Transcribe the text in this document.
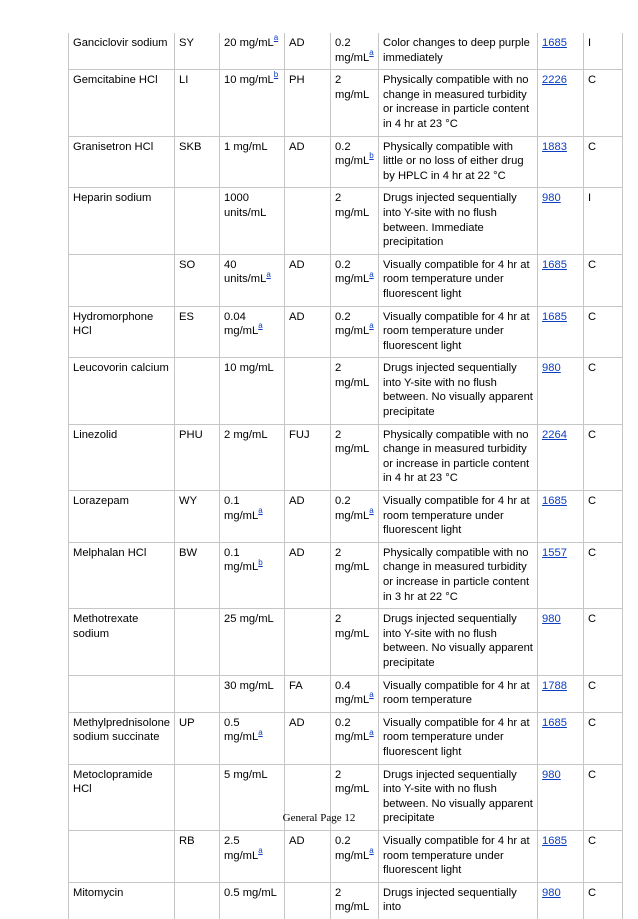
Ganciclovir sodium	SY	20 mg/mL$^a$	AD	0.2 mg/mL$^a$	Color changes to deep purple immediately	1685	I
Gemcitabine HCl	LI	10 mg/mL$^b$	PH	2 mg/mL	Physically compatible with no change in measured turbidity or increase in particle content in 4 hr at 23 °C	2226	C
Granisetron HCl	SKB	1 mg/mL	AD	0.2 mg/mL$^b$	Physically compatible with little or no loss of either drug by HPLC in 4 hr at 22 °C	1883	C
Heparin sodium		1000 units/mL		2 mg/mL	Drugs injected sequentially into Y-site with no flush between. Immediate precipitation	980	I
	SO	40 units/mL$^a$	AD	0.2 mg/mL$^a$	Visually compatible for 4 hr at room temperature under fluorescent light	1685	C
Hydromorphone HCl	ES	0.04 mg/mL$^a$	AD	0.2 mg/mL$^a$	Visually compatible for 4 hr at room temperature under fluorescent light	1685	C
Leucovorin calcium		10 mg/mL		2 mg/mL	Drugs injected sequentially into Y-site with no flush between. No visually apparent precipitate	980	C
Linezolid	PHU	2 mg/mL	FUJ	2 mg/mL	Physically compatible with no change in measured turbidity or increase in particle content in 4 hr at 23 °C	2264	C
Lorazepam	WY	0.1 mg/mL$^a$	AD	0.2 mg/mL$^a$	Visually compatible for 4 hr at room temperature under fluorescent light	1685	C
Melphalan HCl	BW	0.1 mg/mL$^b$	AD	2 mg/mL	Physically compatible with no change in measured turbidity or increase in particle content in 3 hr at 22 °C	1557	C
Methotrexate sodium		25 mg/mL		2 mg/mL	Drugs injected sequentially into Y-site with no flush between. No visually apparent precipitate	980	C
		30 mg/mL	FA	0.4 mg/mL$^a$	Visually compatible for 4 hr at room temperature	1788	C
Methylprednisolone sodium succinate	UP	0.5 mg/mL$^a$	AD	0.2 mg/mL$^a$	Visually compatible for 4 hr at room temperature under fluorescent light	1685	C
Metoclopramide HCl		5 mg/mL		2 mg/mL	Drugs injected sequentially into Y-site with no flush between. No visually apparent precipitate	980	C
	RB	2.5 mg/mL$^a$	AD	0.2 mg/mL$^a$	Visually compatible for 4 hr at room temperature under fluorescent light	1685	C
Mitomycin		0.5 mg/mL		2 mg/mL	Drugs injected sequentially into	980	C
General Page 12
